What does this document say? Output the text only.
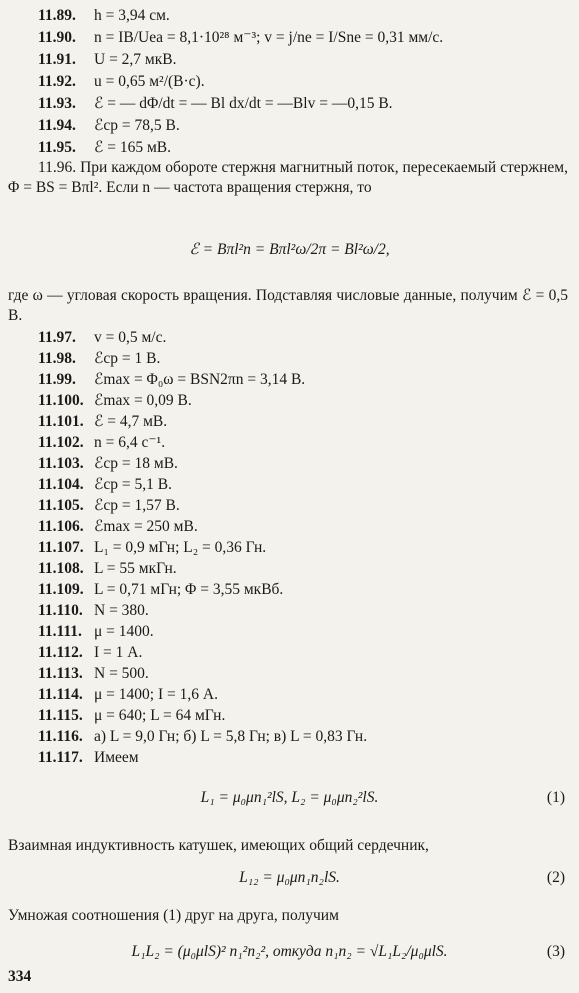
11.89. h = 3,94 см.
11.90. n = IB/Uea = 8,1·10²⁸ м⁻³; v = j/ne = I/Sne = 0,31 мм/с.
11.91. U = 2,7 мкВ.
11.92. u = 0,65 м²/(В·с).
11.93. ℰ = — dΦ/dt = — Bl dx/dt = —Blv = —0,15 В.
11.94. ℰср = 78,5 В.
11.95. ℰ = 165 мВ.
11.96. При каждом обороте стержня магнитный поток, пересекаемый стержнем, Φ = BS = Bπl². Если n — частота вращения стержня, то
ℰ = Bπl²n = Bπl²ω/2π = Bl²ω/2,
где ω — угловая скорость вращения. Подставляя числовые данные, получим ℰ = 0,5 В.
11.97. v = 0,5 м/с.
11.98. ℰср = 1 В.
11.99. ℰmax = Φ₀ω = BSN2πn = 3,14 В.
11.100. ℰmax = 0,09 В.
11.101. ℰ = 4,7 мВ.
11.102. n = 6,4 с⁻¹.
11.103. ℰср = 18 мВ.
11.104. ℰср = 5,1 В.
11.105. ℰср = 1,57 В.
11.106. ℰmax = 250 мВ.
11.107. L₁ = 0,9 мГн; L₂ = 0,36 Гн.
11.108. L = 55 мкГн.
11.109. L = 0,71 мГн; Φ = 3,55 мкВб.
11.110. N = 380.
11.111. μ = 1400.
11.112. I = 1 А.
11.113. N = 500.
11.114. μ = 1400; I = 1,6 А.
11.115. μ = 640; L = 64 мГн.
11.116. а) L = 9,0 Гн; б) L = 5,8 Гн; в) L = 0,83 Гн.
11.117. Имеем
L₁ = μ₀μn₁²lS, L₂ = μ₀μn₂²lS.	(1)
Взаимная индуктивность катушек, имеющих общий сердечник,
L₁₂ = μ₀μn₁n₂lS.	(2)
Умножая соотношения (1) друг на друга, получим
L₁L₂ = (μ₀μlS)² n₁²n₂², откуда n₁n₂ = √L₁L₂/μ₀μlS.	(3)
334
